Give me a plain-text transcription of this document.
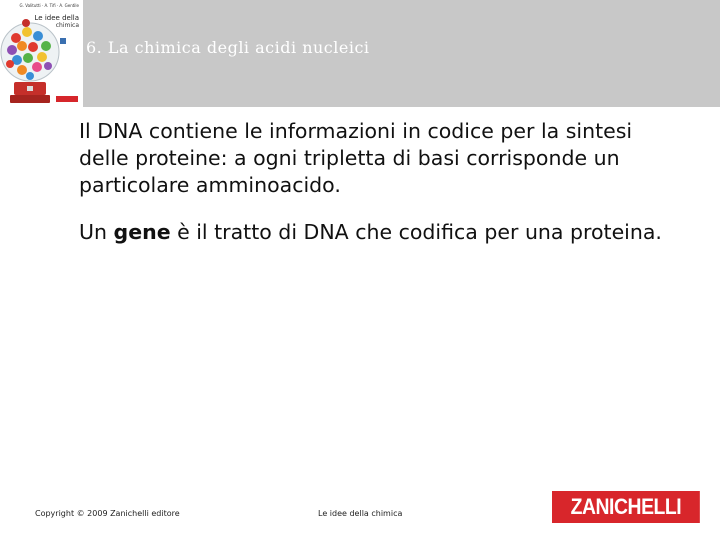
G. Valitutti · A. Tifi · A. Gentile
Le idee della
chimica
6. La chimica degli acidi nucleici

Il DNA contiene le informazioni in codice per la sintesi delle proteine: a ogni tripletta di basi corrisponde un particolare amminoacido.

Un gene è il tratto di DNA che codifica per una proteina.

Copyright © 2009 Zanichelli editore	Le idee della chimica	ZANICHELLI
